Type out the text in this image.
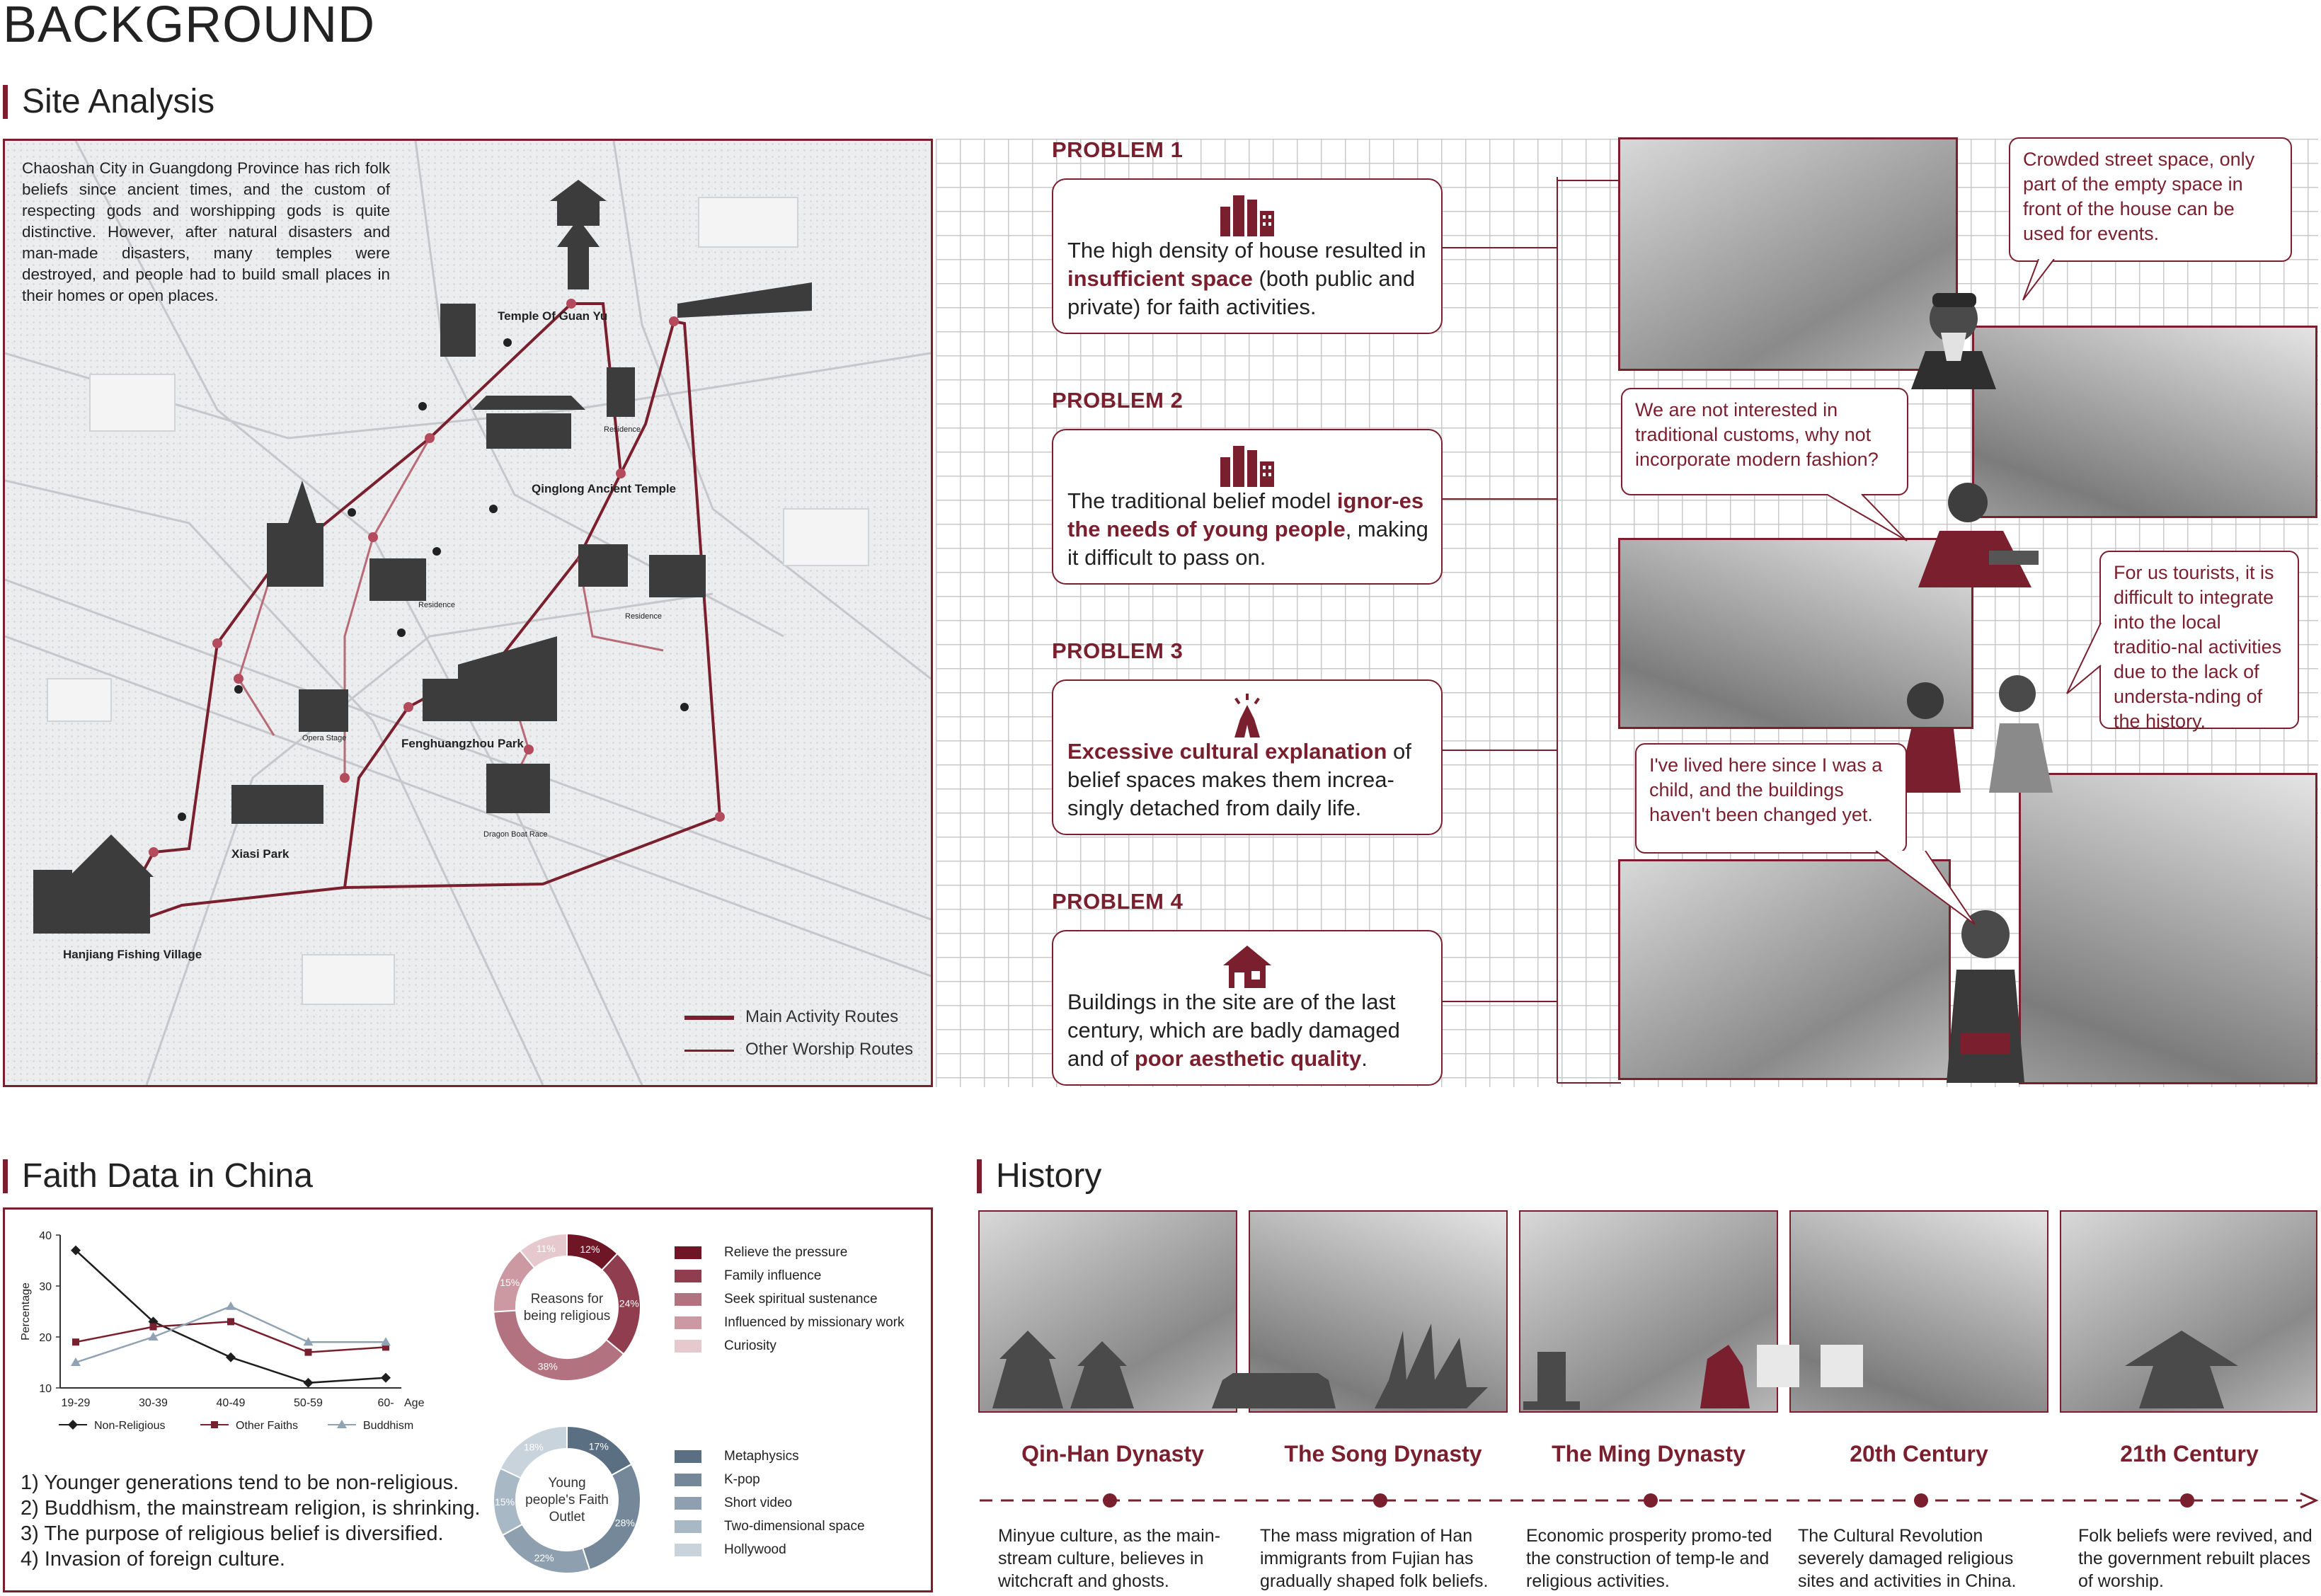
BACKGROUND
Site Analysis
Chaoshan City in Guangdong Province has rich folk beliefs since ancient times, and the custom of respecting gods and worshipping gods is quite distinctive. However, after natural disasters and man-made disasters, many temples were destroyed, and people had to build small places in their homes or open places.
Temple Of Guan Yu
Residence
Qinglong Ancient Temple
Residence
Residence
Opera Stage	Fenghuangzhou Park
Dragon Boat Race
Xiasi Park
Hanjiang Fishing Village
Main Activity Routes
Other Worship Routes
PROBLEM 1
The high density of house resulted in insufficient space (both public and private) for faith activities.
PROBLEM 2
The traditional belief model ignor-es the needs of young people, making it difficult to pass on.
PROBLEM 3
Excessive cultural explanation of belief spaces makes them increa-singly detached from daily life.
PROBLEM 4
Buildings in the site are of the last century, which are badly damaged and of poor aesthetic quality.
Crowded street space, only part of the empty space in front of the house can be used for events.
We are not interested in traditional customs, why not incorporate modern fashion?
For us tourists, it is difficult to integrate into the local traditio-nal activities due to the lack of understa-nding of the history.
I've lived here since I was a child, and the buildings haven't been changed yet.
Faith Data in China
10
20
30
40
19-29	30-39	40-49	50-59	60- Age
Percentage
Non-Religious	Other Faiths	Buddhism
12%
24%
38%
15%
11%
Reasons for
being religious
17%
28%
22%
15%
18%
Young
people's Faith
Outlet
Relieve the pressure
Family influence
Seek spiritual sustenance
Influenced by missionary work
Curiosity
Metaphysics
K-pop
Short video
Two-dimensional space
Hollywood
1) Younger generations tend to be non-religious.
2) Buddhism, the mainstream religion, is shrinking.
3) The purpose of religious belief is diversified.
4) Invasion of foreign culture.
History
Qin-Han Dynasty	The Song Dynasty	The Ming Dynasty	20th Century	21th Century
Minyue culture, as the main-stream culture, believes in witchcraft and ghosts.
The mass migration of Han immigrants from Fujian has gradually shaped folk beliefs.
Economic prosperity promo-ted the construction of temp-le and religious activities.
The Cultural Revolution severely damaged religious sites and activities in China.
Folk beliefs were revived, and the government rebuilt places of worship.
